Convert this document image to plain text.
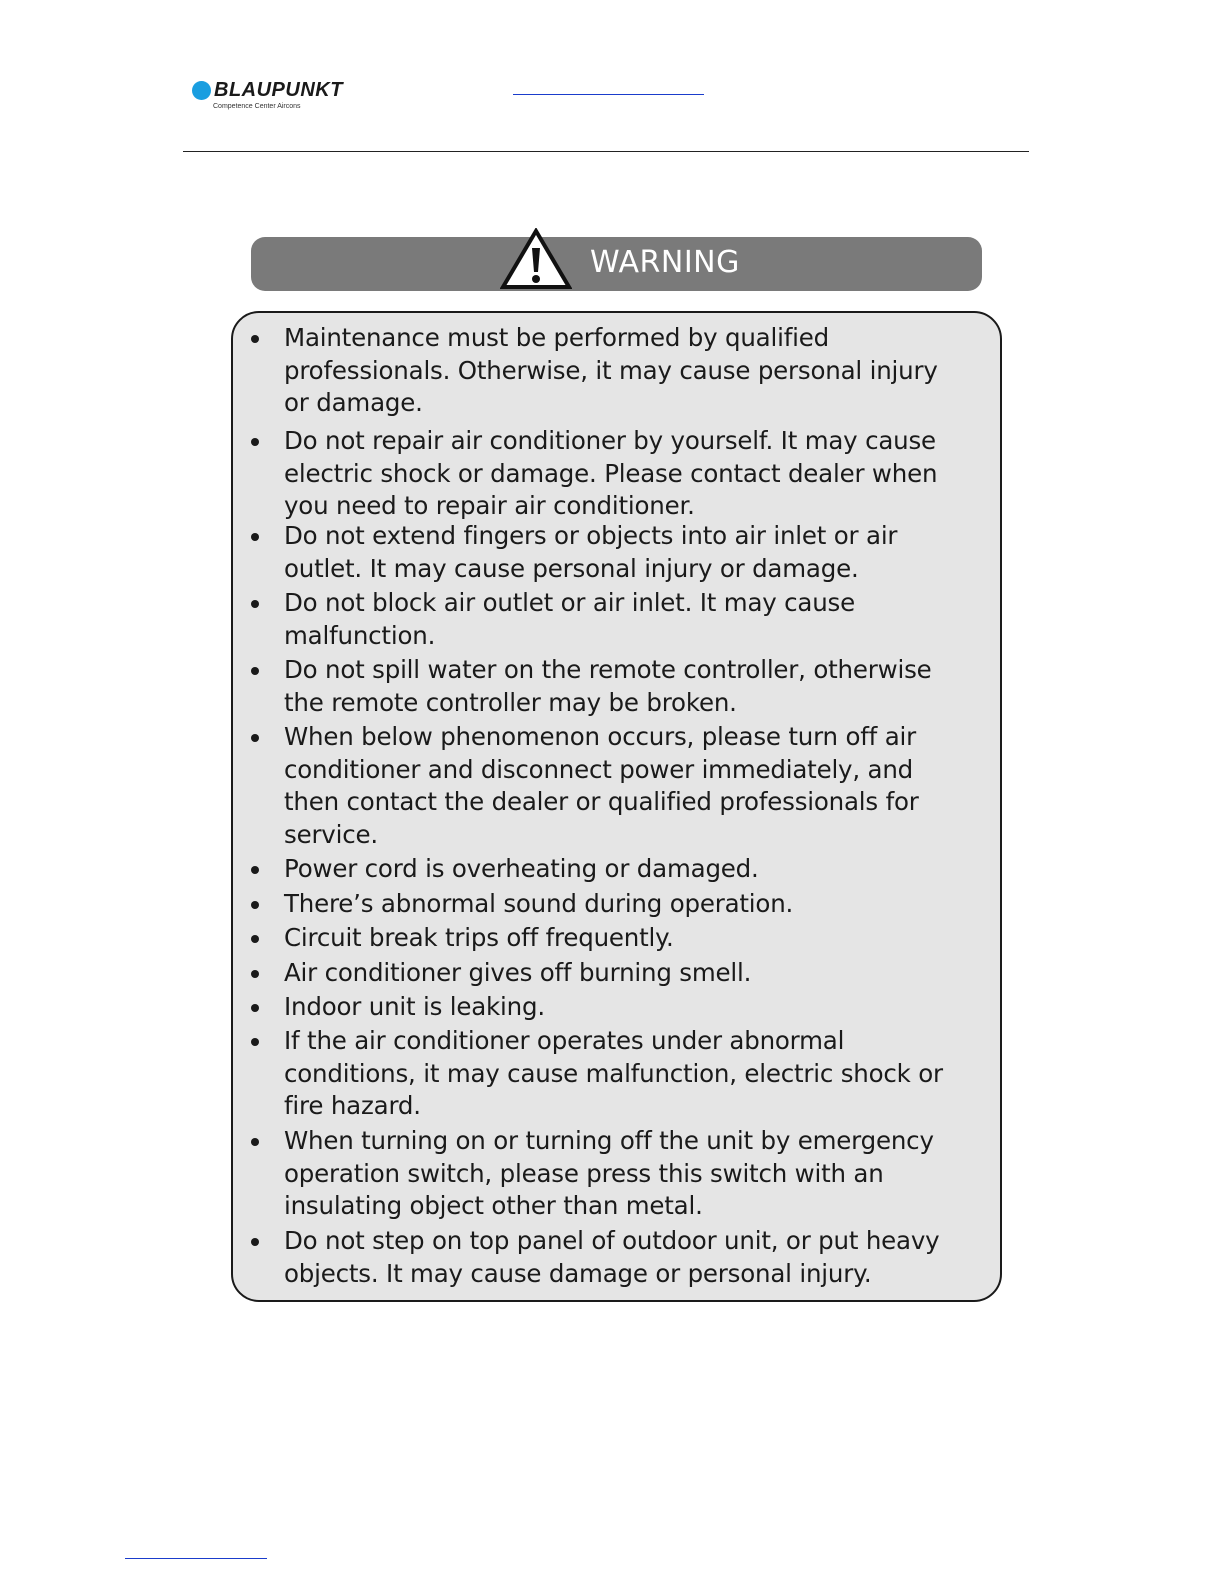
BLAUPUNKT
Competence Center Aircons
WARNING
Maintenance must be performed by qualified
professionals. Otherwise, it may cause personal injury
or damage.
Do not repair air conditioner by yourself. It may cause
electric shock or damage. Please contact dealer when
you need to repair air conditioner.
Do not extend fingers or objects into air inlet or air
outlet. It may cause personal injury or damage.
Do not block air outlet or air inlet. It may cause
malfunction.
Do not spill water on the remote controller, otherwise
the remote controller may be broken.
When below phenomenon occurs, please turn off air
conditioner and disconnect power immediately, and
then contact the dealer or qualified professionals for
service.
Power cord is overheating or damaged.
There’s abnormal sound during operation.
Circuit break trips off frequently.
Air conditioner gives off burning smell.
Indoor unit is leaking.
If the air conditioner operates under abnormal
conditions, it may cause malfunction, electric shock or
fire hazard.
When turning on or turning off the unit by emergency
operation switch, please press this switch with an
insulating object other than metal.
Do not step on top panel of outdoor unit, or put heavy
objects. It may cause damage or personal injury.
